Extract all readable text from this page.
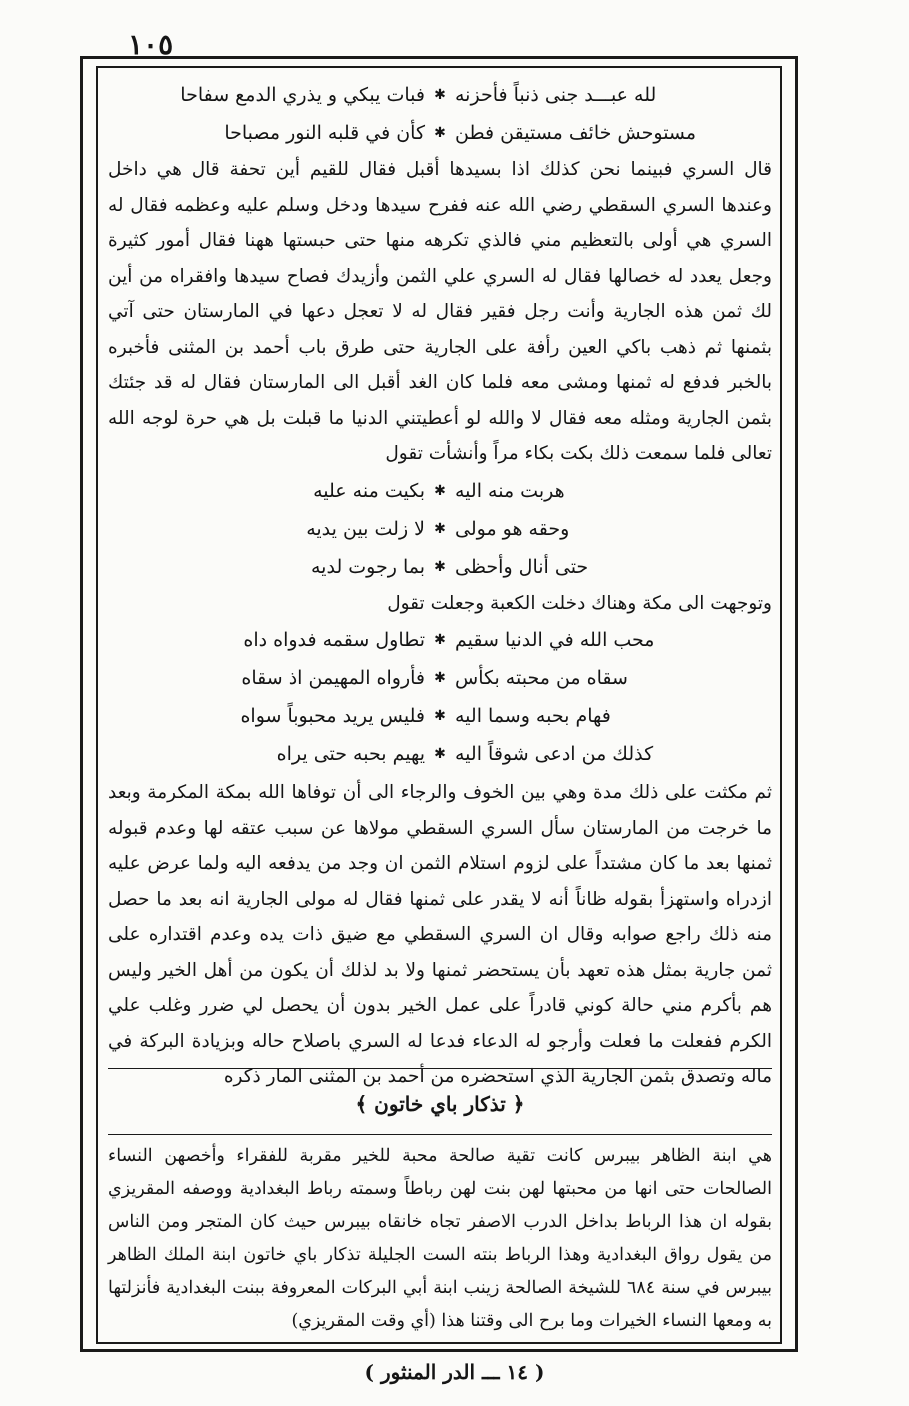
١٠٥
لله عبـــد جنى ذنباً فأحزنه
✱
فبات يبكي و يذري الدمع سفاحا
مستوحش خائف مستيقن فطن
✱
كأن في قلبه النور مصباحا

قال السري فبينما نحن كذلك اذا بسيدها أقبل فقال للقيم أين تحفة قال هي داخل وعندها السري السقطي رضي الله عنه ففرح سيدها ودخل وسلم عليه وعظمه فقال له السري هي أولى بالتعظيم مني فالذي تكرهه منها حتى حبستها ههنا فقال أمور كثيرة وجعل يعدد له خصالها فقال له السري علي الثمن وأزيدك فصاح سيدها وافقراه من أين لك ثمن هذه الجارية وأنت رجل فقير فقال له لا تعجل دعها في المارستان حتى آتي بثمنها ثم ذهب باكي العين رأفة على الجارية حتى طرق باب أحمد بن المثنى فأخبره بالخبر فدفع له ثمنها ومشى معه فلما كان الغد أقبل الى المارستان فقال له قد جئتك بثمن الجارية ومثله معه فقال لا والله لو أعطيتني الدنيا ما قبلت بل هي حرة لوجه الله تعالى فلما سمعت ذلك بكت بكاء مراً وأنشأت تقول

هربت منه اليه
✱
بكيت منه عليه
وحقه هو مولى
✱
لا زلت بين يديه
حتى أنال وأحظى
✱
بما رجوت لديه

وتوجهت الى مكة وهناك دخلت الكعبة وجعلت تقول

محب الله في الدنيا سقيم
✱
تطاول سقمه فدواه داه
سقاه من محبته بكأس
✱
فأرواه المهيمن اذ سقاه
فهام بحبه وسما اليه
✱
فليس يريد محبوباً سواه
كذلك من ادعى شوقاً اليه
✱
يهيم بحبه حتى يراه

ثم مكثت على ذلك مدة وهي بين الخوف والرجاء الى أن توفاها الله بمكة المكرمة وبعد ما خرجت من المارستان سأل السري السقطي مولاها عن سبب عتقه لها وعدم قبوله ثمنها بعد ما كان مشتداً على لزوم استلام الثمن ان وجد من يدفعه اليه ولما عرض عليه ازدراه واستهزأ بقوله ظاناً أنه لا يقدر على ثمنها فقال له مولى الجارية انه بعد ما حصل منه ذلك راجع صوابه وقال ان السري السقطي مع ضيق ذات يده وعدم اقتداره على ثمن جارية بمثل هذه تعهد بأن يستحضر ثمنها ولا بد لذلك أن يكون من أهل الخير وليس هم بأكرم مني حالة كوني قادراً على عمل الخير بدون أن يحصل لي ضرر وغلب علي الكرم ففعلت ما فعلت وأرجو له الدعاء فدعا له السري باصلاح حاله وبزيادة البركة في ماله وتصدق بثمن الجارية الذي استحضره من أحمد بن المثنى المار ذكره

﴿ تذكار باي خاتون ﴾

هي ابنة الظاهر بيبرس كانت تقية صالحة محبة للخير مقربة للفقراء وأخصهن النساء الصالحات حتى انها من محبتها لهن بنت لهن رباطاً وسمته رباط البغدادية ووصفه المقريزي بقوله ان هذا الرباط بداخل الدرب الاصفر تجاه خانقاه بيبرس حيث كان المتجر ومن الناس من يقول رواق البغدادية وهذا الرباط بنته الست الجليلة تذكار باي خاتون ابنة الملك الظاهر بيبرس في سنة ٦٨٤ للشيخة الصالحة زينب ابنة أبي البركات المعروفة ببنت البغدادية فأنزلتها به ومعها النساء الخيرات وما برح الى وقتنا هذا (أي وقت المقريزي)

( ١٤ ـــ الدر المنثور )
